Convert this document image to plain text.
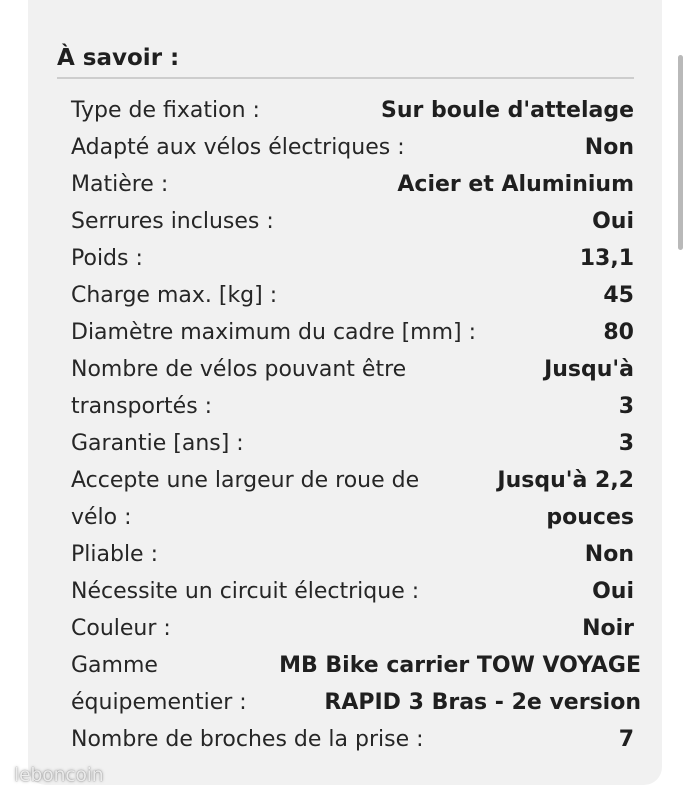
À savoir :
Type de fixation :	Sur boule d'attelage
Adapté aux vélos électriques :	Non
Matière :	Acier et Aluminium
Serrures incluses :	Oui
Poids :	13,1
Charge max. [kg] :	45
Diamètre maximum du cadre [mm] :	80
Nombre de vélos pouvant être transportés :
Jusqu'à 3
Garantie [ans] :	3
Accepte une largeur de roue de vélo :
Jusqu'à 2,2 pouces
Pliable :	Non
Nécessite un circuit électrique :	Oui
Couleur :	Noir
Gamme équipementier :
MB Bike carrier TOW VOYAGE RAPID 3 Bras - 2e version
Nombre de broches de la prise :	7
leboncoin
